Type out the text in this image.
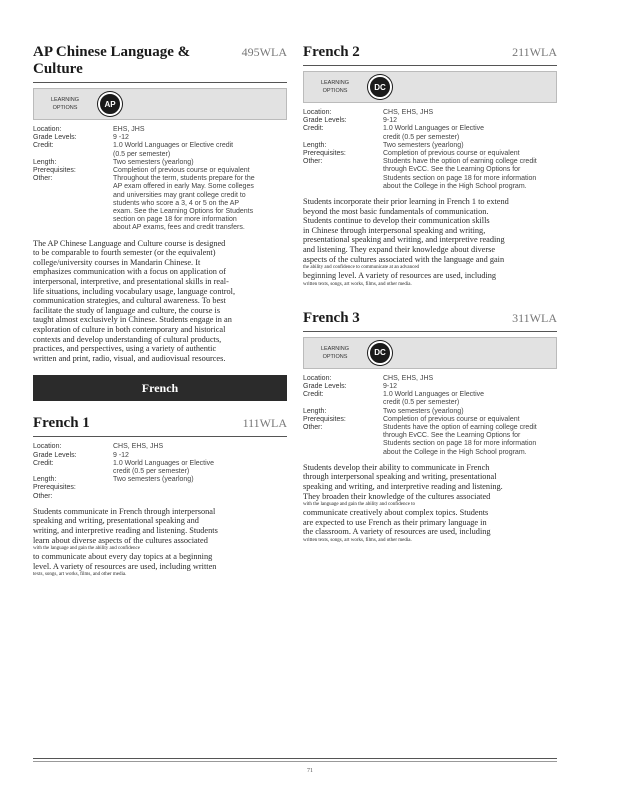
AP Chinese Language & Culture
495WLA
LEARNING
OPTIONS	AP
Location:	EHS, JHS
Grade Levels:	9 -12
Credit:	1.0 World Languages or Elective credit
(0.5 per semester)
Length:	Two semesters (yearlong)
Prerequisites:	Completion of previous course or equivalent
Other:	Throughout the term, students prepare for the
AP exam offered in early May. Some colleges
and universities may grant college credit to
students who score a 3, 4 or 5 on the AP
exam. See the Learning Options for Students
section on page 18 for more information
about AP exams, fees and credit transfers.
The AP Chinese Language and Culture course is designed
to be comparable to fourth semester (or the equivalent)
college/university courses in Mandarin Chinese. It
emphasizes communication with a focus on application of
interpersonal, interpretive, and presentational skills in real-
life situations, including vocabulary usage, language control,
communication strategies, and cultural awareness. To best
facilitate the study of language and culture, the course is
taught almost exclusively in Chinese. Students engage in an
exploration of culture in both contemporary and historical
contexts and develop understanding of cultural products,
practices, and perspectives, using a variety of authentic
written and print, radio, visual, and audiovisual resources.
French
French 1	111WLA
Location:	CHS, EHS, JHS
Grade Levels:	9 -12
Credit:	1.0 World Languages or Elective
credit (0.5 per semester)
Length:	Two semesters (yearlong)
Prerequisites:
Other:
Students communicate in French through interpersonal
speaking and writing, presentational speaking and
writing, and interpretive reading and listening. Students
learn about diverse aspects of the cultures associated
with the language and gain the ability and confidence
to communicate about every day topics at a beginning
level. A variety of resources are used, including written
texts, songs, art works, films, and other media.
French 2	211WLA
LEARNING
OPTIONS	DC
Location:	CHS, EHS, JHS
Grade Levels:	9-12
Credit:	1.0 World Languages or Elective
credit (0.5 per semester)
Length:	Two semesters (yearlong)
Prerequisites:	Completion of previous course or equivalent
Other:	Students have the option of earning college credit
through EvCC. See the Learning Options for
Students section on page 18 for more information
about the College in the High School program.
Students incorporate their prior learning in French 1 to extend
beyond the most basic fundamentals of communication.
Students continue to develop their communication skills
in Chinese through interpersonal speaking and writing,
presentational speaking and writing, and interpretive reading
and listening. They expand their knowledge about diverse
aspects of the cultures associated with the language and gain
the ability and confidence to communicate at an advanced
beginning level. A variety of resources are used, including
written texts, songs, art works, films, and other media.
French 3	311WLA
LEARNING
OPTIONS	DC
Location:	CHS, EHS, JHS
Grade Levels:	9-12
Credit:	1.0 World Languages or Elective
credit (0.5 per semester)
Length:	Two semesters (yearlong)
Prerequisites:	Completion of previous course or equivalent
Other:	Students have the option of earning college credit
through EvCC. See the Learning Options for
Students section on page 18 for more information
about the College in the High School program.
Students develop their ability to communicate in French
through interpersonal speaking and writing, presentational
speaking and writing, and interpretive reading and listening.
They broaden their knowledge of the cultures associated
with the language and gain the ability and confidence to
communicate creatively about complex topics. Students
are expected to use French as their primary language in
the classroom. A variety of resources are used, including
written texts, songs, art works, films, and other media.
71
